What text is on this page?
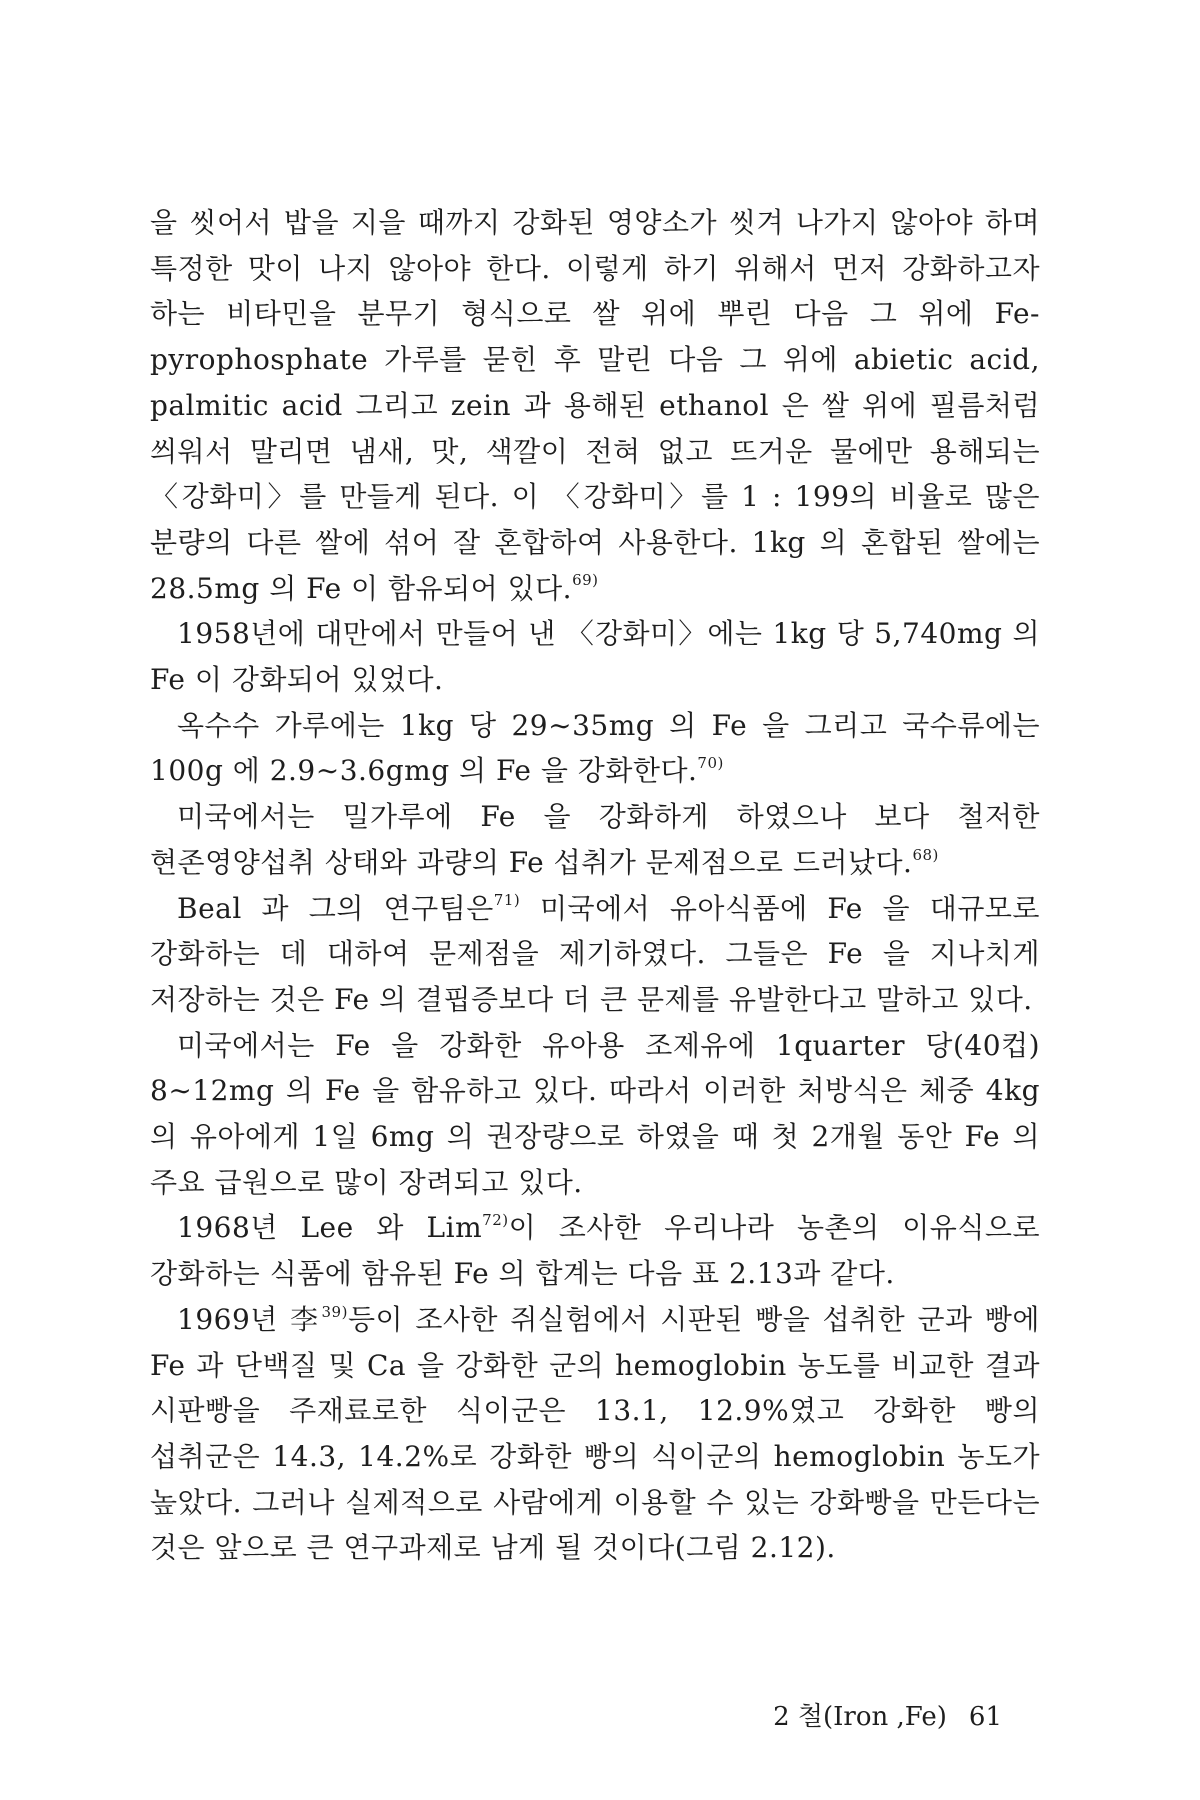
을 씻어서 밥을 지을 때까지 강화된 영양소가 씻겨 나가지 않아야 하며 특정한 맛이 나지 않아야 한다. 이렇게 하기 위해서 먼저 강화하고자 하는 비타민을 분무기 형식으로 쌀 위에 뿌린 다음 그 위에 Fe-pyrophosphate 가루를 묻힌 후 말린 다음 그 위에 abietic acid, palmitic acid 그리고 zein 과 용해된 ethanol 은 쌀 위에 필름처럼 씌워서 말리면 냄새, 맛, 색깔이 전혀 없고 뜨거운 물에만 용해되는 〈강화미〉를 만들게 된다. 이 〈강화미〉를 1 : 199의 비율로 많은 분량의 다른 쌀에 섞어 잘 혼합하여 사용한다. 1kg 의 혼합된 쌀에는 28.5mg 의 Fe 이 함유되어 있다.$^{69)}$

1958년에 대만에서 만들어 낸 〈강화미〉에는 1kg 당 5,740mg 의 Fe 이 강화되어 있었다.

옥수수 가루에는 1kg 당 29∼35mg 의 Fe 을 그리고 국수류에는 100g 에 2.9∼3.6gmg 의 Fe 을 강화한다.$^{70)}$

미국에서는 밀가루에 Fe 을 강화하게 하였으나 보다 철저한 현존영양섭취 상태와 과량의 Fe 섭취가 문제점으로 드러났다.$^{68)}$

Beal 과 그의 연구팀은$^{71)}$ 미국에서 유아식품에 Fe 을 대규모로 강화하는 데 대하여 문제점을 제기하였다. 그들은 Fe 을 지나치게 저장하는 것은 Fe 의 결핍증보다 더 큰 문제를 유발한다고 말하고 있다.

미국에서는 Fe 을 강화한 유아용 조제유에 1quarter 당(40컵) 8∼12mg 의 Fe 을 함유하고 있다. 따라서 이러한 처방식은 체중 4kg 의 유아에게 1일 6mg 의 권장량으로 하였을 때 첫 2개월 동안 Fe 의 주요 급원으로 많이 장려되고 있다.

1968년 Lee 와 Lim$^{72)}$이 조사한 우리나라 농촌의 이유식으로 강화하는 식품에 함유된 Fe 의 합계는 다음 표 2.13과 같다.

1969년 李$^{39)}$등이 조사한 쥐실험에서 시판된 빵을 섭취한 군과 빵에 Fe 과 단백질 및 Ca 을 강화한 군의 hemoglobin 농도를 비교한 결과 시판빵을 주재료로한 식이군은 13.1, 12.9%였고 강화한 빵의 섭취군은 14.3, 14.2%로 강화한 빵의 식이군의 hemoglobin 농도가 높았다. 그러나 실제적으로 사람에게 이용할 수 있는 강화빵을 만든다는 것은 앞으로 큰 연구과제로 남게 될 것이다(그림 2.12).

2 철(Iron ,Fe) 61
